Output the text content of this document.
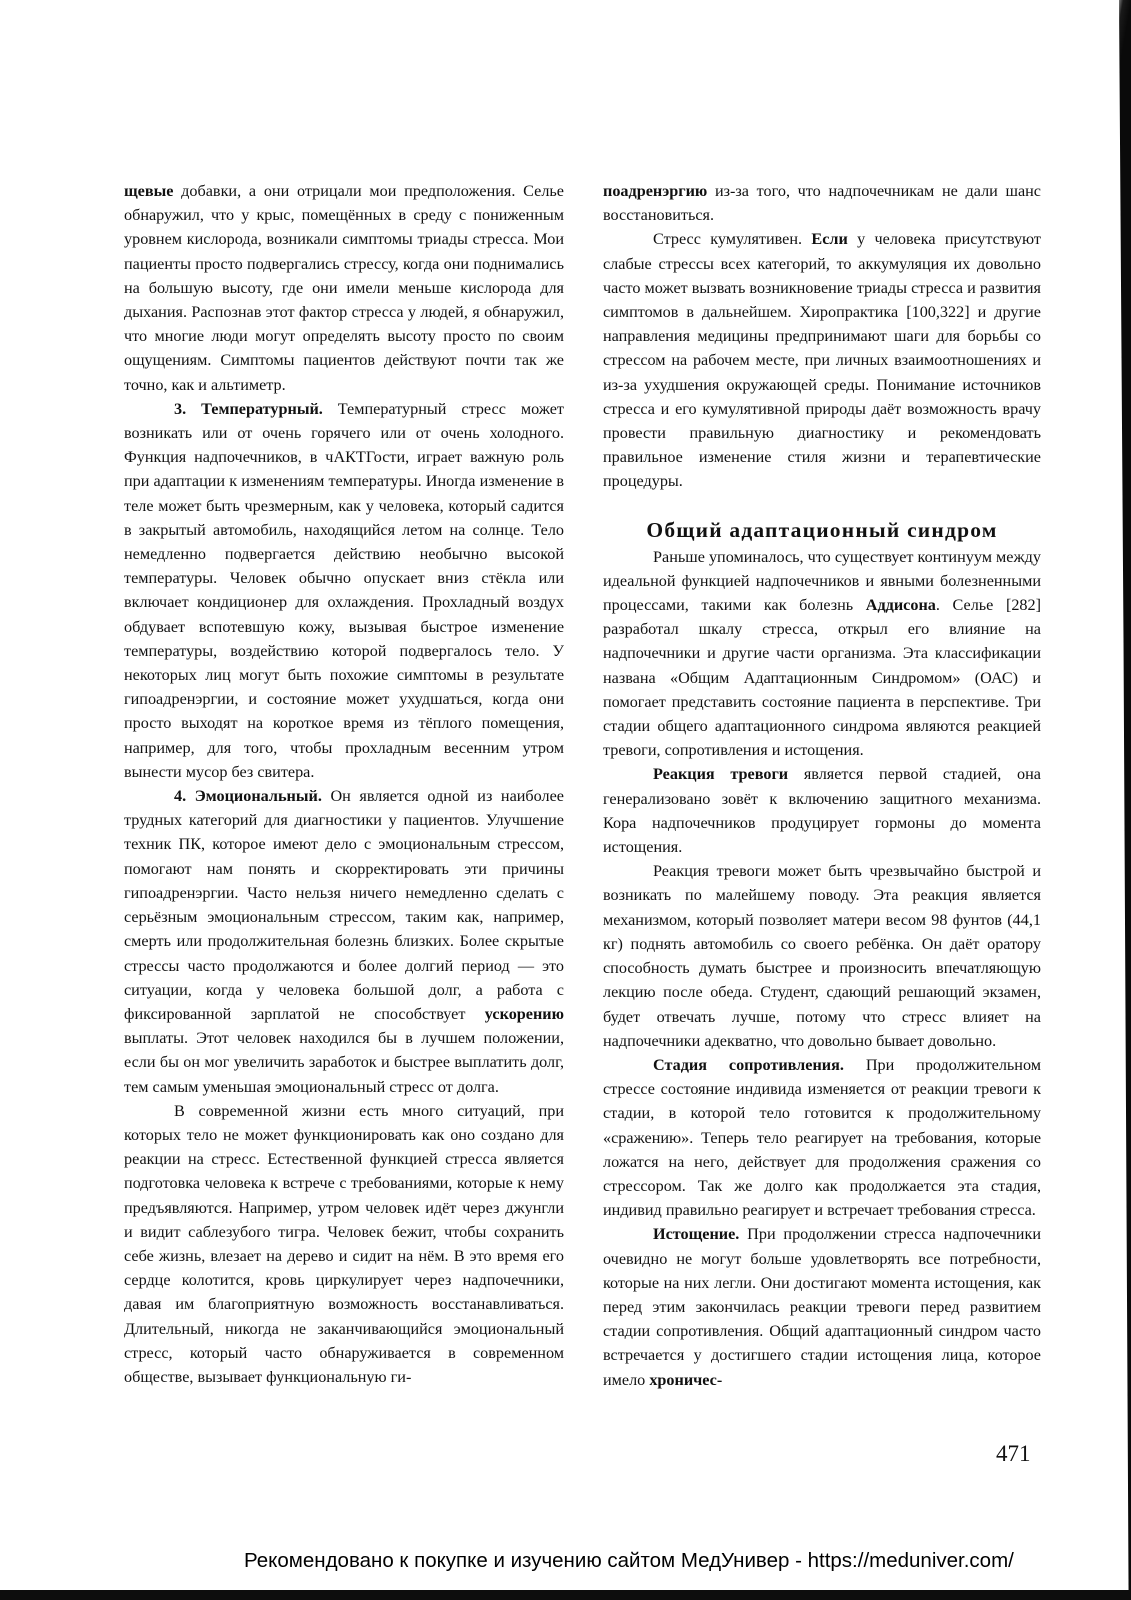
щевые добавки, а они отрицали мои предположения. Селье обнаружил, что у крыс, помещённых в среду с пониженным уровнем кислорода, возникали симптомы триады стресса. Мои пациенты просто подвергались стрессу, когда они поднимались на большую высоту, где они имели меньше кислорода для дыхания. Распознав этот фактор стресса у людей, я обнаружил, что многие люди могут определять высоту просто по своим ощущениям. Симптомы пациентов действуют почти так же точно, как и альтиметр.

3. Температурный. Температурный стресс может возникать или от очень горячего или от очень холодного. Функция надпочечников, в чАКТГости, играет важную роль при адаптации к изменениям температуры. Иногда изменение в теле может быть чрезмерным, как у человека, который садится в закрытый автомобиль, находящийся летом на солнце. Тело немедленно подвергается действию необычно высокой температуры. Человек обычно опускает вниз стёкла или включает кондиционер для охлаждения. Прохладный воздух обдувает вспотевшую кожу, вызывая быстрое изменение температуры, воздействию которой подвергалось тело. У некоторых лиц могут быть похожие симптомы в результате гипоадренэргии, и состояние может ухудшаться, когда они просто выходят на короткое время из тёплого помещения, например, для того, чтобы прохладным весенним утром вынести мусор без свитера.

4. Эмоциональный. Он является одной из наиболее трудных категорий для диагностики у пациентов. Улучшение техник ПК, которое имеют дело с эмоциональным стрессом, помогают нам понять и скорректировать эти причины гипоадренэргии. Часто нельзя ничего немедленно сделать с серьёзным эмоциональным стрессом, таким как, например, смерть или продолжительная болезнь близких. Более скрытые стрессы часто продолжаются и более долгий период — это ситуации, когда у человека большой долг, а работа с фиксированной зарплатой не способствует ускорению выплаты. Этот человек находился бы в лучшем положении, если бы он мог увеличить заработок и быстрее выплатить долг, тем самым уменьшая эмоциональный стресс от долга.

В современной жизни есть много ситуаций, при которых тело не может функционировать как оно создано для реакции на стресс. Естественной функцией стресса является подготовка человека к встрече с требованиями, которые к нему предъявляются. Например, утром человек идёт через джунгли и видит саблезубого тигра. Человек бежит, чтобы сохранить себе жизнь, влезает на дерево и сидит на нём. В это время его сердце колотится, кровь циркулирует через надпочечники, давая им благоприятную возможность восстанавливаться. Длительный, никогда не заканчивающийся эмоциональный стресс, который часто обнаруживается в современном обществе, вызывает функциональную ги-

поадренэргию из-за того, что надпочечникам не дали шанс восстановиться.

Стресс кумулятивен. Если у человека присутствуют слабые стрессы всех категорий, то аккумуляция их довольно часто может вызвать возникновение триады стресса и развития симптомов в дальнейшем. Хиропрактика [100,322] и другие направления медицины предпринимают шаги для борьбы со стрессом на рабочем месте, при личных взаимоотношениях и из-за ухудшения окружающей среды. Понимание источников стресса и его кумулятивной природы даёт возможность врачу провести правильную диагностику и рекомендовать правильное изменение стиля жизни и терапевтические процедуры.

Общий адаптационный синдром

Раньше упоминалось, что существует континуум между идеальной функцией надпочечников и явными болезненными процессами, такими как болезнь Аддисона. Селье [282] разработал шкалу стресса, открыл его влияние на надпочечники и другие части организма. Эта классификации названа «Общим Адаптационным Синдромом» (ОАС) и помогает представить состояние пациента в перспективе. Три стадии общего адаптационного синдрома являются реакцией тревоги, сопротивления и истощения.

Реакция тревоги является первой стадией, она генерализовано зовёт к включению защитного механизма. Кора надпочечников продуцирует гормоны до момента истощения.

Реакция тревоги может быть чрезвычайно быстрой и возникать по малейшему поводу. Эта реакция является механизмом, который позволяет матери весом 98 фунтов (44,1 кг) поднять автомобиль со своего ребёнка. Он даёт оратору способность думать быстрее и произносить впечатляющую лекцию после обеда. Студент, сдающий решающий экзамен, будет отвечать лучше, потому что стресс влияет на надпочечники адекватно, что довольно бывает довольно.

Стадия сопротивления. При продолжительном стрессе состояние индивида изменяется от реакции тревоги к стадии, в которой тело готовится к продолжительному «сражению». Теперь тело реагирует на требования, которые ложатся на него, действует для продолжения сражения со стрессором. Так же долго как продолжается эта стадия, индивид правильно реагирует и встречает требования стресса.

Истощение. При продолжении стресса надпочечники очевидно не могут больше удовлетворять все потребности, которые на них легли. Они достигают момента истощения, как перед этим закончилась реакции тревоги перед развитием стадии сопротивления. Общий адаптационный синдром часто встречается у достигшего стадии истощения лица, которое имело хроничес-

471
Рекомендовано к покупке и изучению сайтом МедУнивер - https://meduniver.com/
